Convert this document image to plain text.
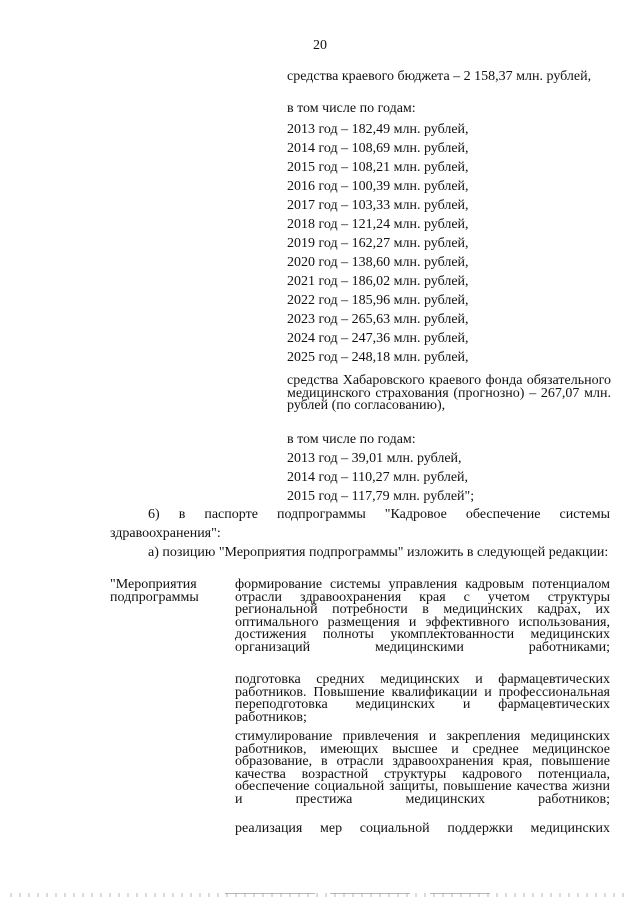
20
средства краевого бюджета – 2 158,37 млн. рублей,
в том числе по годам:
2013 год – 182,49 млн. рублей,
2014 год – 108,69 млн. рублей,
2015 год – 108,21 млн. рублей,
2016 год – 100,39 млн. рублей,
2017 год – 103,33 млн. рублей,
2018 год – 121,24 млн. рублей,
2019 год – 162,27 млн. рублей,
2020 год – 138,60 млн. рублей,
2021 год – 186,02 млн. рублей,
2022 год – 185,96 млн. рублей,
2023 год – 265,63 млн. рублей,
2024 год – 247,36 млн. рублей,
2025 год – 248,18 млн. рублей,
средства Хабаровского краевого фонда обязательного медицинского страхования (прогнозно) – 267,07 млн. рублей (по согласованию),
в том числе по годам:
2013 год – 39,01 млн. рублей,
2014 год – 110,27 млн. рублей,
2015 год – 117,79 млн. рублей";
6) в паспорте подпрограммы "Кадровое обеспечение системы здравоохранения":
а) позицию "Мероприятия подпрограммы" изложить в следующей редакции:
"Мероприятия подпрограммы
формирование системы управления кадровым потенциалом отрасли здравоохранения края с учетом структуры региональной потребности в медицинских кадрах, их оптимального размещения и эффективного использования, достижения полноты укомплектованности медицинских организаций медицинскими работниками;
подготовка средних медицинских и фармацевтических работников. Повышение квалификации и профессиональная переподготовка медицинских и фармацевтических работников;
стимулирование привлечения и закрепления медицинских работников, имеющих высшее и среднее медицинское образование, в отрасли здравоохранения края, повышение качества возрастной структуры кадрового потенциала, обеспечение социальной защиты, повышение качества жизни и престижа медицинских работников;
реализация мер социальной поддержки медицинских
